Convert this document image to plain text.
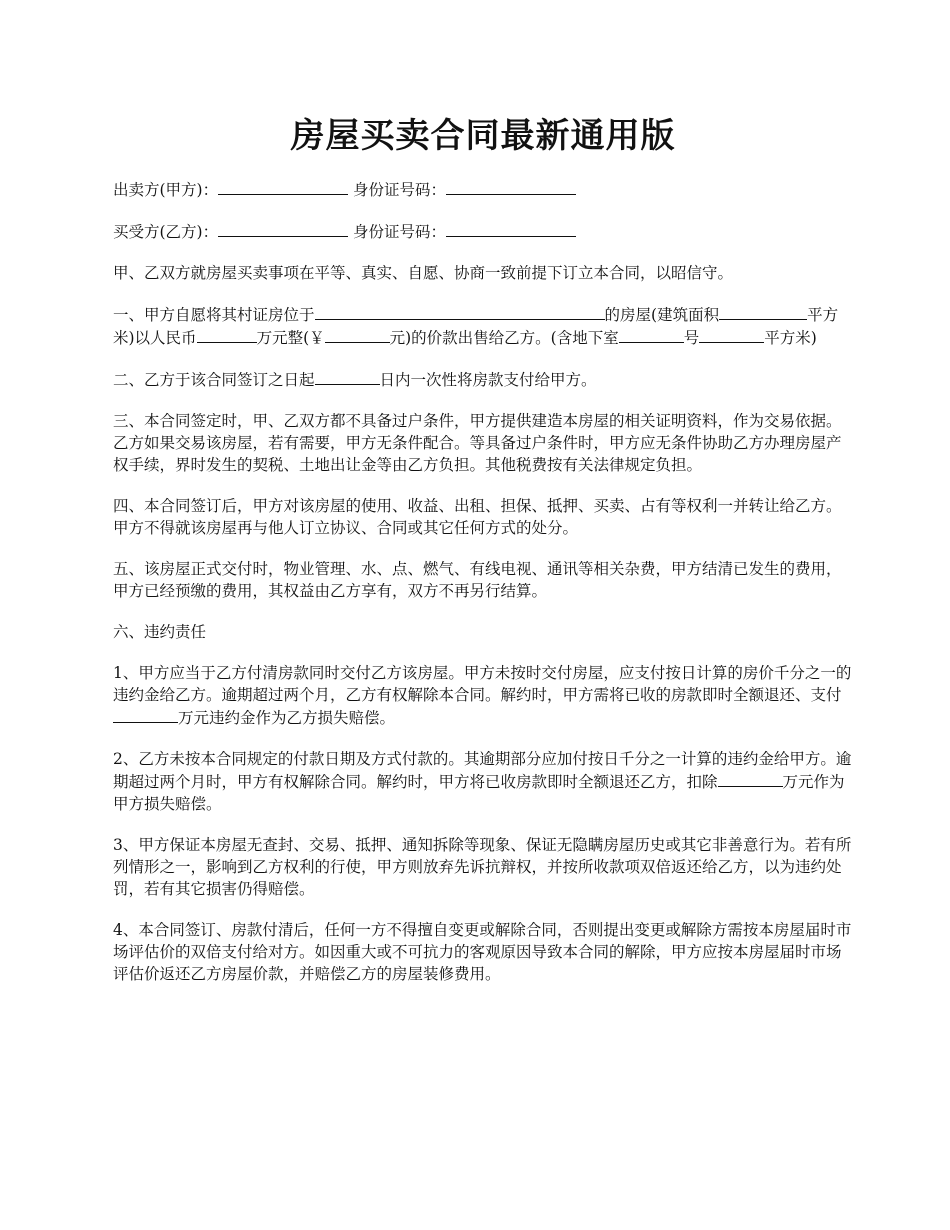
房屋买卖合同最新通用版

出卖方(甲方)：	身份证号码：

买受方(乙方)：	身份证号码：

甲、乙双方就房屋买卖事项在平等、真实、自愿、协商一致前提下订立本合同，以昭信守。

一、甲方自愿将其村证房位于	的房屋(建筑面积	平方米)以人民币	万元整(￥	元)的价款出售给乙方。(含地下室	号	平方米)

二、乙方于该合同签订之日起	日内一次性将房款支付给甲方。

三、本合同签定时，甲、乙双方都不具备过户条件，甲方提供建造本房屋的相关证明资料，作为交易依据。乙方如果交易该房屋，若有需要，甲方无条件配合。等具备过户条件时，甲方应无条件协助乙方办理房屋产权手续，界时发生的契税、土地出让金等由乙方负担。其他税费按有关法律规定负担。

四、本合同签订后，甲方对该房屋的使用、收益、出租、担保、抵押、买卖、占有等权利一并转让给乙方。甲方不得就该房屋再与他人订立协议、合同或其它任何方式的处分。

五、该房屋正式交付时，物业管理、水、点、燃气、有线电视、通讯等相关杂费，甲方结清已发生的费用，甲方已经预缴的费用，其权益由乙方享有，双方不再另行结算。

六、违约责任

1、甲方应当于乙方付清房款同时交付乙方该房屋。甲方未按时交付房屋，应支付按日计算的房价千分之一的违约金给乙方。逾期超过两个月，乙方有权解除本合同。解约时，甲方需将已收的房款即时全额退还、支付万元违约金作为乙方损失赔偿。

2、乙方未按本合同规定的付款日期及方式付款的。其逾期部分应加付按日千分之一计算的违约金给甲方。逾期超过两个月时，甲方有权解除合同。解约时，甲方将已收房款即时全额退还乙方，扣除	万元作为甲方损失赔偿。

3、甲方保证本房屋无查封、交易、抵押、通知拆除等现象、保证无隐瞒房屋历史或其它非善意行为。若有所列情形之一，影响到乙方权利的行使，甲方则放弃先诉抗辩权，并按所收款项双倍返还给乙方，以为违约处罚，若有其它损害仍得赔偿。

4、本合同签订、房款付清后，任何一方不得擅自变更或解除合同，否则提出变更或解除方需按本房屋届时市场评估价的双倍支付给对方。如因重大或不可抗力的客观原因导致本合同的解除，甲方应按本房屋届时市场评估价返还乙方房屋价款，并赔偿乙方的房屋装修费用。
